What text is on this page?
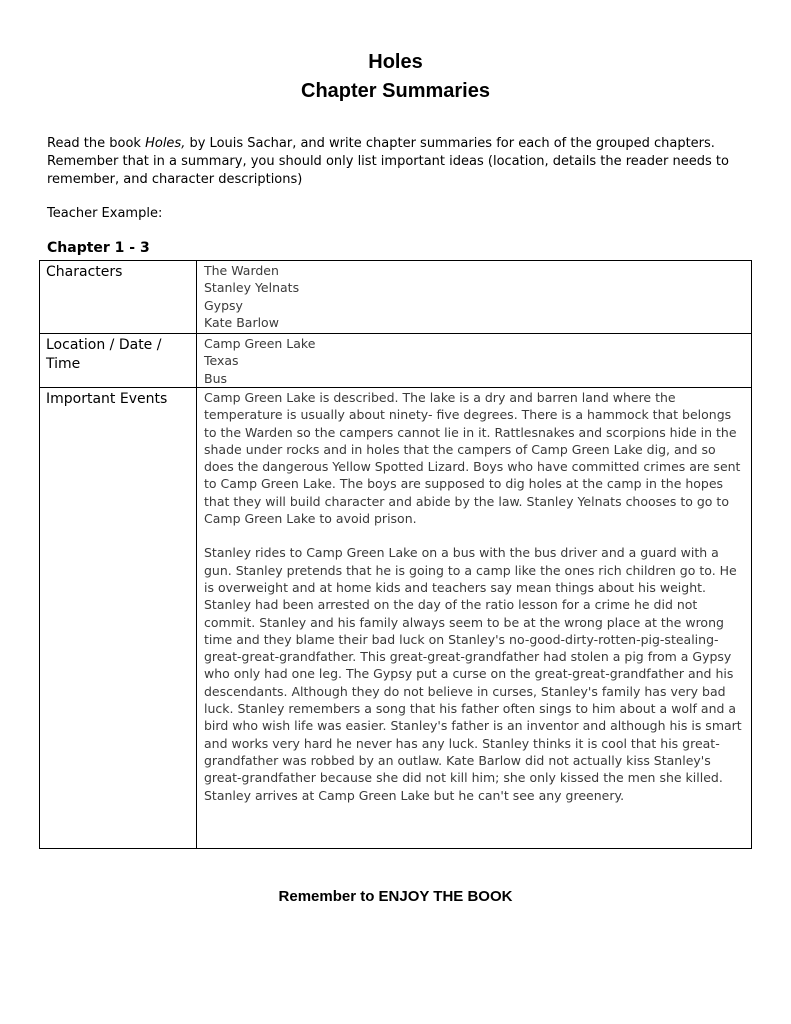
Holes
Chapter Summaries
Read the book Holes, by Louis Sachar, and write chapter summaries for each of the grouped chapters. Remember that in a summary, you should only list important ideas (location, details the reader needs to remember, and character descriptions)
Teacher Example:
Chapter 1 - 3
Characters	The Warden
Stanley Yelnats
Gypsy
Kate Barlow

Location / Date / Time	Camp Green Lake
Texas
Bus

Important Events	Camp Green Lake is described. The lake is a dry and barren land where the temperature is usually about ninety- five degrees. There is a hammock that belongs to the Warden so the campers cannot lie in it. Rattlesnakes and scorpions hide in the shade under rocks and in holes that the campers of Camp Green Lake dig, and so does the dangerous Yellow Spotted Lizard. Boys who have committed crimes are sent to Camp Green Lake. The boys are supposed to dig holes at the camp in the hopes that they will build character and abide by the law. Stanley Yelnats chooses to go to Camp Green Lake to avoid prison.

Stanley rides to Camp Green Lake on a bus with the bus driver and a guard with a gun. Stanley pretends that he is going to a camp like the ones rich children go to. He is overweight and at home kids and teachers say mean things about his weight. Stanley had been arrested on the day of the ratio lesson for a crime he did not commit. Stanley and his family always seem to be at the wrong place at the wrong time and they blame their bad luck on Stanley's no-good-dirty-rotten-pig-stealing-great-great-grandfather. This great-great-grandfather had stolen a pig from a Gypsy who only had one leg. The Gypsy put a curse on the great-great-grandfather and his descendants. Although they do not believe in curses, Stanley's family has very bad luck. Stanley remembers a song that his father often sings to him about a wolf and a bird who wish life was easier. Stanley's father is an inventor and although his is smart and works very hard he never has any luck. Stanley thinks it is cool that his great-grandfather was robbed by an outlaw. Kate Barlow did not actually kiss Stanley's great-grandfather because she did not kill him; she only kissed the men she killed. Stanley arrives at Camp Green Lake but he can't see any greenery.

Remember to ENJOY THE BOOK
